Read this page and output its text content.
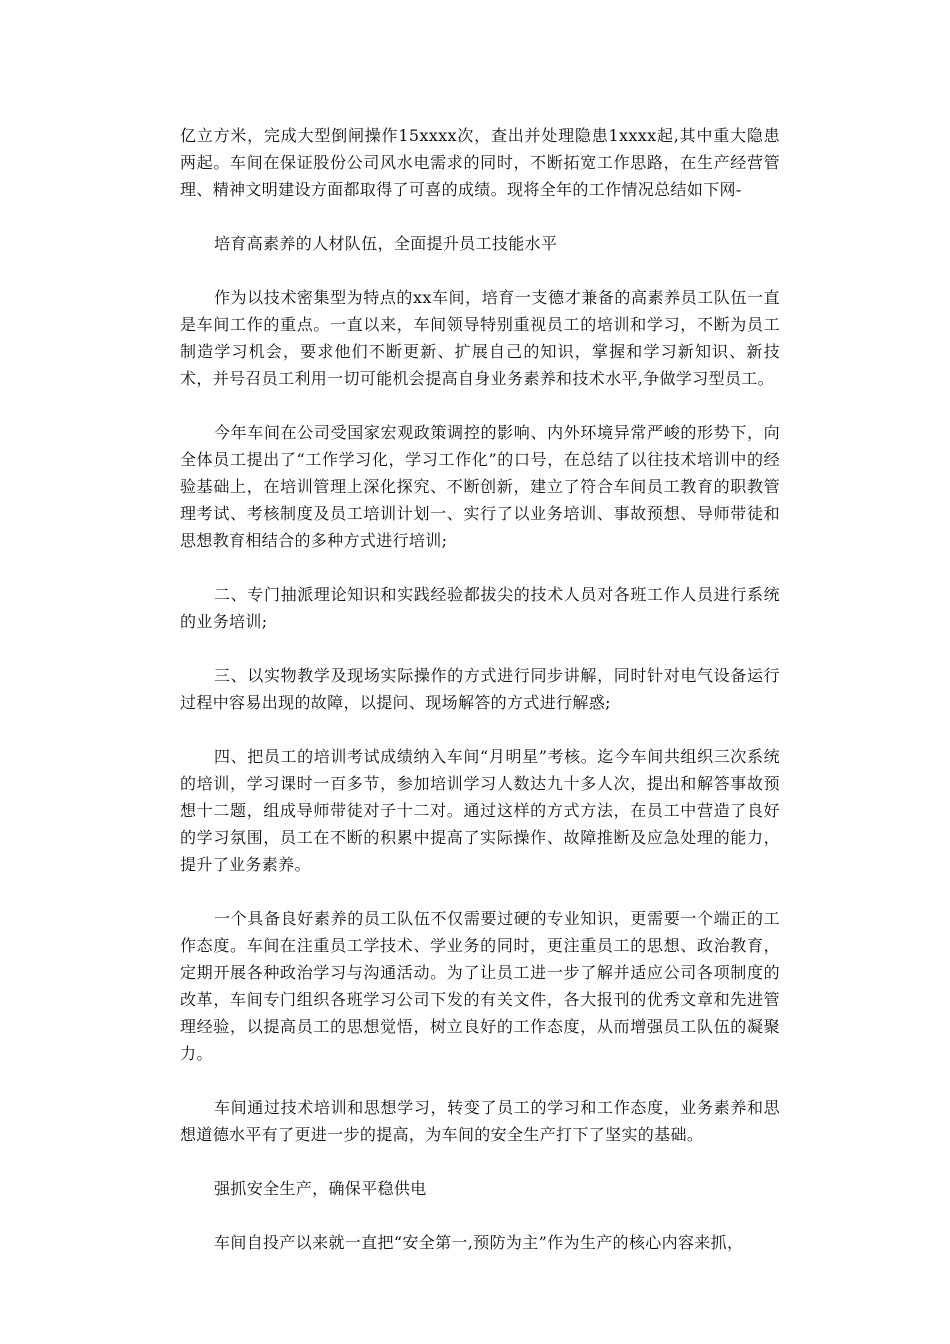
亿立方米，完成大型倒闸操作15xxxx次，查出并处理隐患1xxxx起,其中重大隐患两起。车间在保证股份公司风水电需求的同时，不断拓宽工作思路，在生产经营管理、精神文明建设方面都取得了可喜的成绩。现将全年的工作情况总结如下网-

培育高素养的人材队伍，全面提升员工技能水平

作为以技术密集型为特点的xx车间，培育一支德才兼备的高素养员工队伍一直是车间工作的重点。一直以来，车间领导特别重视员工的培训和学习，不断为员工制造学习机会，要求他们不断更新、扩展自己的知识，掌握和学习新知识、新技术，并号召员工利用一切可能机会提高自身业务素养和技术水平,争做学习型员工。

今年车间在公司受国家宏观政策调控的影响、内外环境异常严峻的形势下，向全体员工提出了“工作学习化，学习工作化”的口号，在总结了以往技术培训中的经验基础上，在培训管理上深化探究、不断创新，建立了符合车间员工教育的职教管理考试、考核制度及员工培训计划一、实行了以业务培训、事故预想、导师带徒和思想教育相结合的多种方式进行培训;

二、专门抽派理论知识和实践经验都拔尖的技术人员对各班工作人员进行系统的业务培训;

三、以实物教学及现场实际操作的方式进行同步讲解，同时针对电气设备运行过程中容易出现的故障，以提问、现场解答的方式进行解惑;

四、把员工的培训考试成绩纳入车间“月明星”考核。迄今车间共组织三次系统的培训，学习课时一百多节，参加培训学习人数达九十多人次，提出和解答事故预想十二题，组成导师带徒对子十二对。通过这样的方式方法，在员工中营造了良好的学习氛围，员工在不断的积累中提高了实际操作、故障推断及应急处理的能力，提升了业务素养。

一个具备良好素养的员工队伍不仅需要过硬的专业知识，更需要一个端正的工作态度。车间在注重员工学技术、学业务的同时，更注重员工的思想、政治教育，定期开展各种政治学习与沟通活动。为了让员工进一步了解并适应公司各项制度的改革，车间专门组织各班学习公司下发的有关文件，各大报刊的优秀文章和先进管理经验，以提高员工的思想觉悟，树立良好的工作态度，从而增强员工队伍的凝聚力。

车间通过技术培训和思想学习，转变了员工的学习和工作态度，业务素养和思想道德水平有了更进一步的提高，为车间的安全生产打下了坚实的基础。

强抓安全生产，确保平稳供电

车间自投产以来就一直把“安全第一,预防为主”作为生产的核心内容来抓，
